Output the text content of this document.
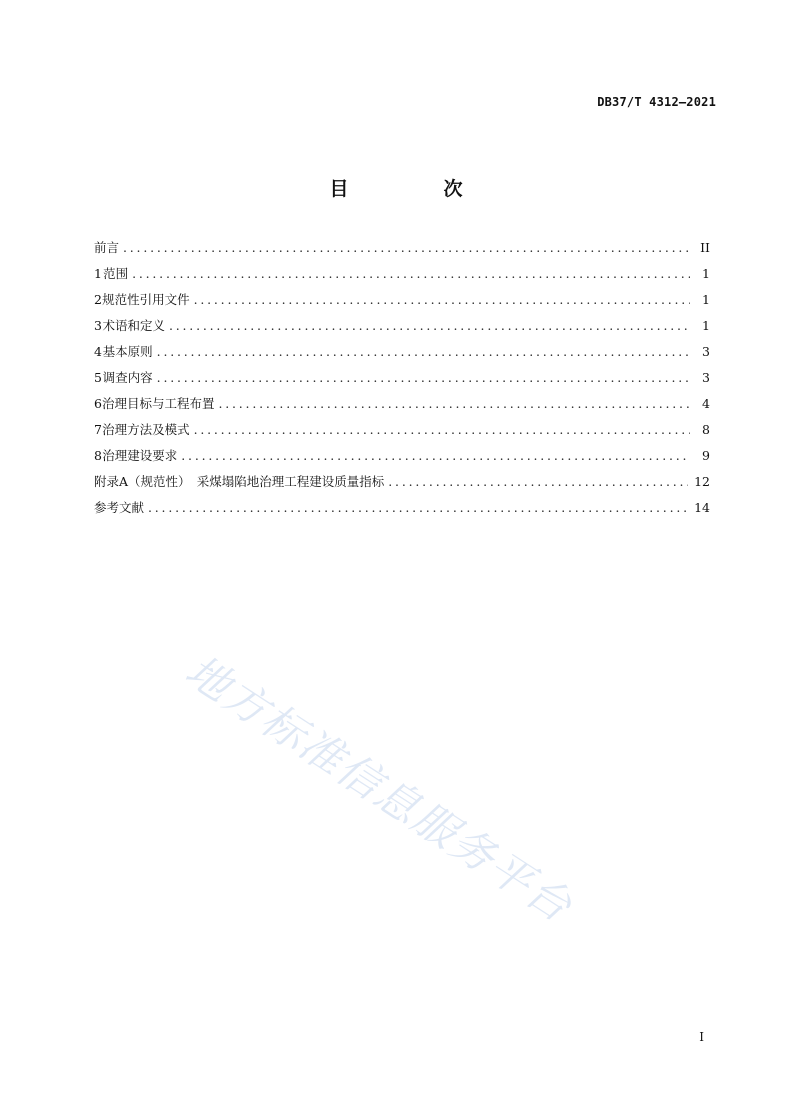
DB37/T 4312—2021
目　次
前言 .....	II
1 范围 .....	1
2 规范性引用文件 .....	1
3 术语和定义 .....	1
4 基本原则 .....	3
5 调查内容 .....	3
6 治理目标与工程布置 .....	4
7 治理方法及模式 .....	8
8 治理建设要求 .....	9
附录A（规范性）　采煤塌陷地治理工程建设质量指标 .....	12
参考文献 .....	14
地方标准信息服务平台
I
